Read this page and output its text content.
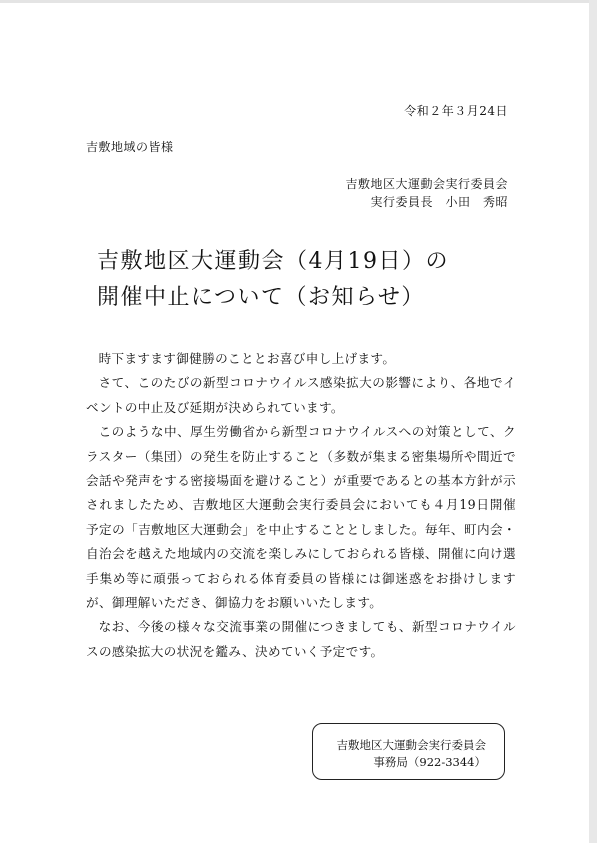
令和２年３月24日
吉敷地域の皆様
吉敷地区大運動会実行委員会
実行委員長　小田　秀昭
吉敷地区大運動会（4月19日）の
開催中止について（お知らせ）

時下ますます御健勝のこととお喜び申し上げます。

さて、このたびの新型コロナウイルス感染拡大の影響により、各地でイベントの中止及び延期が決められています。

このような中、厚生労働省から新型コロナウイルスへの対策として、クラスター（集団）の発生を防止すること（多数が集まる密集場所や間近で会話や発声をする密接場面を避けること）が重要であるとの基本方針が示されましたため、吉敷地区大運動会実行委員会においても４月19日開催予定の「吉敷地区大運動会」を中止することとしました。毎年、町内会・自治会を越えた地域内の交流を楽しみにしておられる皆様、開催に向け選手集め等に頑張っておられる体育委員の皆様には御迷惑をお掛けしますが、御理解いただき、御協力をお願いいたします。

なお、今後の様々な交流事業の開催につきましても、新型コロナウイルスの感染拡大の状況を鑑み、決めていく予定です。

吉敷地区大運動会実行委員会
事務局（922-3344）
